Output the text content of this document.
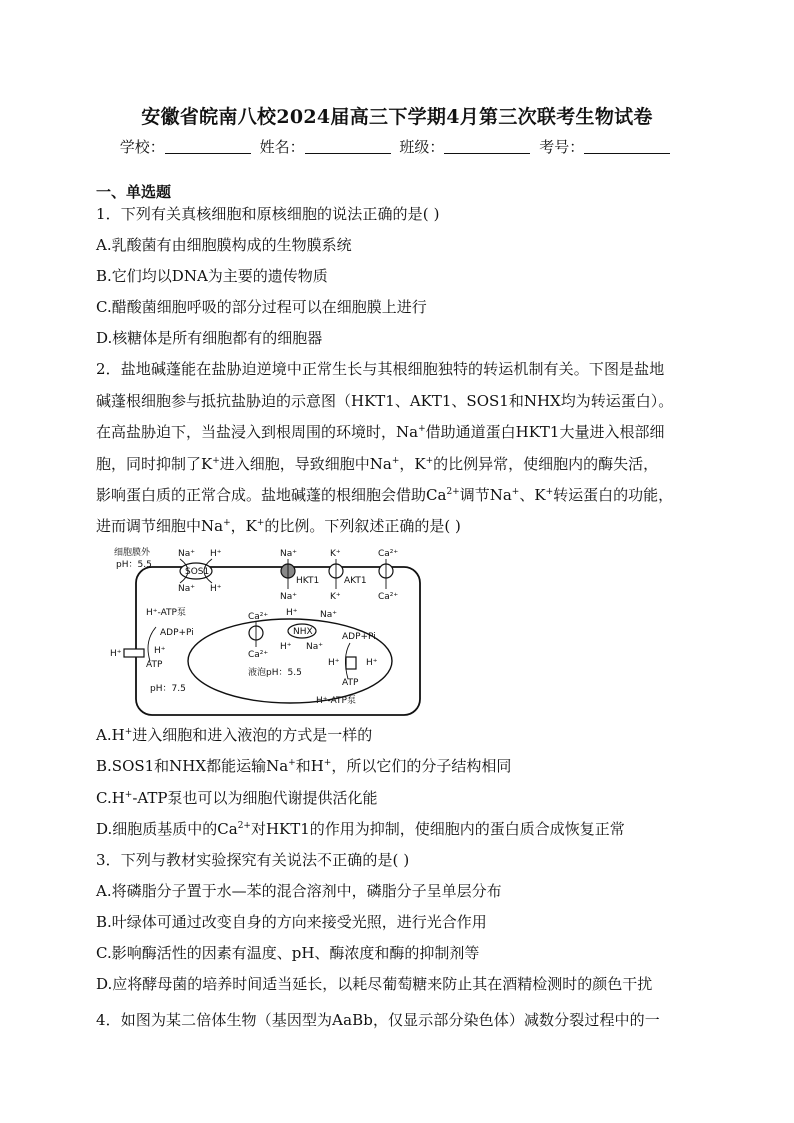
安徽省皖南八校2024届高三下学期4月第三次联考生物试卷
学校：	姓名：	班级：	考号：
一、单选题
1．下列有关真核细胞和原核细胞的说法正确的是( )
A.乳酸菌有由细胞膜构成的生物膜系统
B.它们均以DNA为主要的遗传物质
C.醋酸菌细胞呼吸的部分过程可以在细胞膜上进行
D.核糖体是所有细胞都有的细胞器
2．盐地碱蓬能在盐胁迫逆境中正常生长与其根细胞独特的转运机制有关。下图是盐地
碱蓬根细胞参与抵抗盐胁迫的示意图（HKT1、AKT1、SOS1和NHX均为转运蛋白）。
在高盐胁迫下，当盐浸入到根周围的环境时，Na+借助通道蛋白HKT1大量进入根部细
胞，同时抑制了K+进入细胞，导致细胞中Na+，K+的比例异常，使细胞内的酶失活，
影响蛋白质的正常合成。盐地碱蓬的根细胞会借助$Ca^{2+}$调节Na+、K+转运蛋白的功能，
进而调节细胞中Na+，K+的比例。下列叙述正确的是( )
细胞膜外
pH：5.5
pH：7.5
液泡pH：5.5
SOS1
Na⁺
Na⁺
H⁺
H⁺
Na⁺
Na⁺
HKT1
K⁺
K⁺
AKT1
Ca²⁺
Ca²⁺
H⁺	H⁺
H⁺-ATP泵
ADP+Pi
ATP
Ca²⁺
Ca²⁺
NHX
H⁺
H⁺
Na⁺
Na⁺
ADP+Pi
H⁺	H⁺
ATP
H⁺-ATP泵
A.H+进入细胞和进入液泡的方式是一样的
B.SOS1和NHX都能运输Na+和H+，所以它们的分子结构相同
C.H+-ATP泵也可以为细胞代谢提供活化能
D.细胞质基质中的$Ca^{2+}$对HKT1的作用为抑制，使细胞内的蛋白质合成恢复正常
3．下列与教材实验探究有关说法不正确的是( )
A.将磷脂分子置于水—苯的混合溶剂中，磷脂分子呈单层分布
B.叶绿体可通过改变自身的方向来接受光照，进行光合作用
C.影响酶活性的因素有温度、pH、酶浓度和酶的抑制剂等
D.应将酵母菌的培养时间适当延长，以耗尽葡萄糖来防止其在酒精检测时的颜色干扰
4．如图为某二倍体生物（基因型为AaBb，仅显示部分染色体）减数分裂过程中的一
